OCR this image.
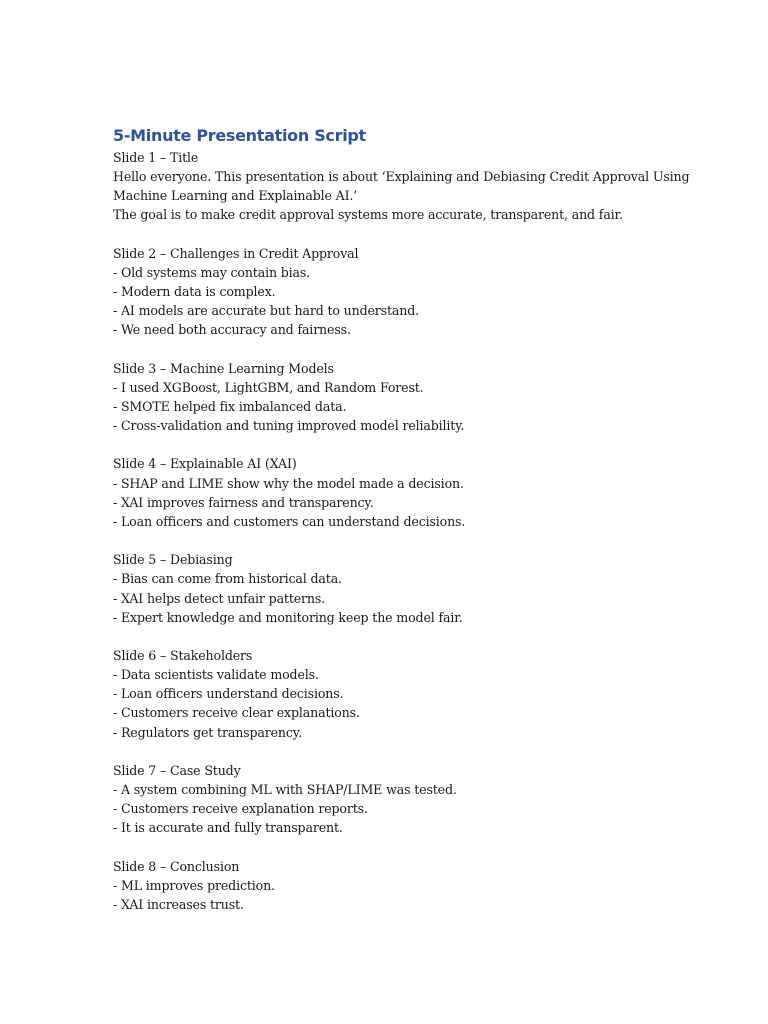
5-Minute Presentation Script
Slide 1 – Title
Hello everyone. This presentation is about ‘Explaining and Debiasing Credit Approval Using
Machine Learning and Explainable AI.’
The goal is to make credit approval systems more accurate, transparent, and fair.
Slide 2 – Challenges in Credit Approval
- Old systems may contain bias.
- Modern data is complex.
- AI models are accurate but hard to understand.
- We need both accuracy and fairness.
Slide 3 – Machine Learning Models
- I used XGBoost, LightGBM, and Random Forest.
- SMOTE helped fix imbalanced data.
- Cross-validation and tuning improved model reliability.
Slide 4 – Explainable AI (XAI)
- SHAP and LIME show why the model made a decision.
- XAI improves fairness and transparency.
- Loan officers and customers can understand decisions.
Slide 5 – Debiasing
- Bias can come from historical data.
- XAI helps detect unfair patterns.
- Expert knowledge and monitoring keep the model fair.
Slide 6 – Stakeholders
- Data scientists validate models.
- Loan officers understand decisions.
- Customers receive clear explanations.
- Regulators get transparency.
Slide 7 – Case Study
- A system combining ML with SHAP/LIME was tested.
- Customers receive explanation reports.
- It is accurate and fully transparent.
Slide 8 – Conclusion
- ML improves prediction.
- XAI increases trust.
